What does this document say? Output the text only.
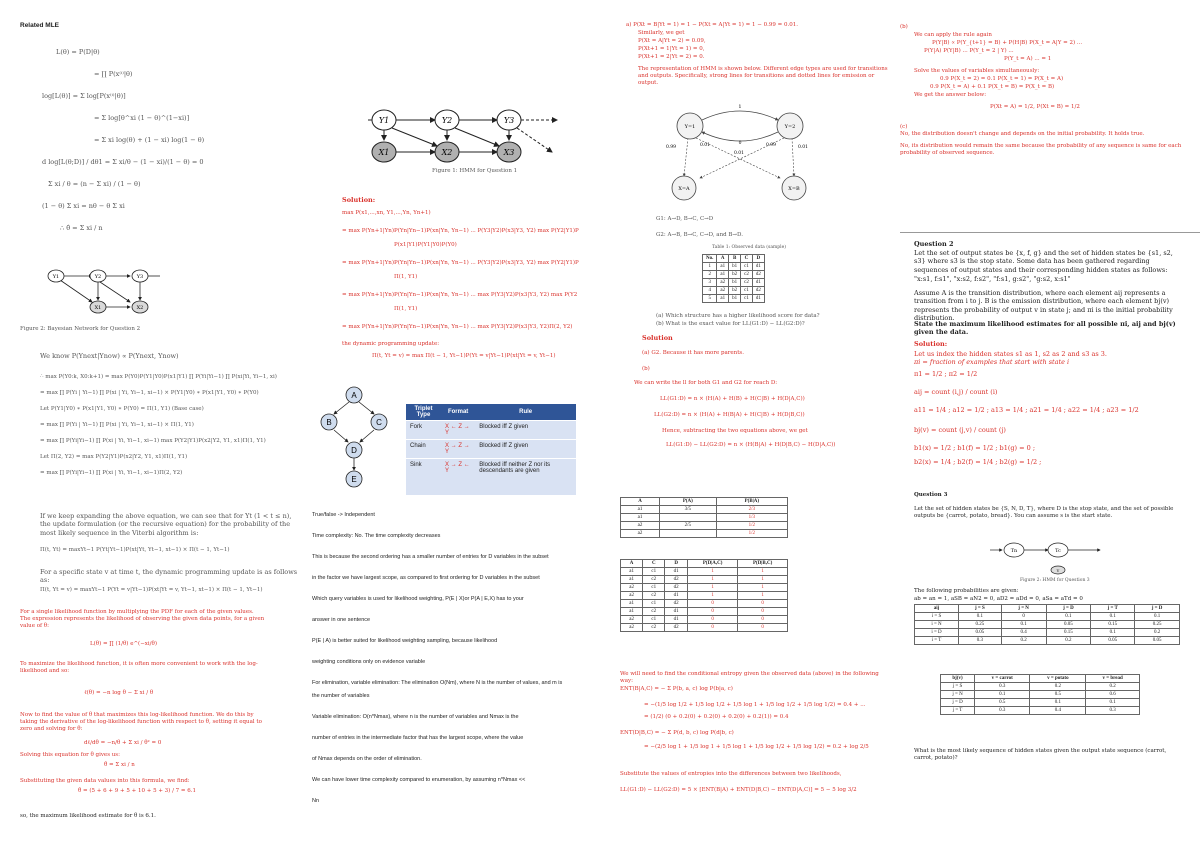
Related MLE
L(θ) = P(D|θ)
= ∏ P(x⁽ⁱ⁾|θ)
log[L(θ)] = Σ log[P(x⁽ⁱ⁾|θ)]
= Σ log[θ^xi (1 − θ)^(1−xi)]
= Σ xi log(θ) + (1 − xi) log(1 − θ)
d log[L(θ;D)] / dθ1 = Σ xi/θ − (1 − xi)/(1 − θ) = 0
Σ xi / θ = (n − Σ xi) / (1 − θ)
(1 − θ) Σ xi = nθ − θ Σ xi
∴ θ̂ = Σ xi / n
Y1	Y2	Y3
X1	X2
Figure 2: Bayesian Network for Question 2
We know P(Ynext|Ynow) ∝ P(Ynext, Ynow)
∴ max P(Y0:k, X0:k+1) = max P(Y0)P(Y1|Y0)P(x1|Y1) ∏ P(Yi|Yi−1) ∏ P(xi|Yi, Yi−1, xi)
= max ∏ P(Yi | Yi−1) ∏ P(xi | Yi, Yi−1, xi−1) × P(Y1|Y0) ∗ P(x1|Y1, Y0) ∗ P(Y0)
Let P(Y1|Y0) ∗ P(x1|Y1, Y0) ∗ P(Y0) = Π(1, Y1) (Base case)
= max ∏ P(Yi | Yi−1) ∏ P(xi | Yi, Yi−1, xi−1) × Π(1, Y1)
= max ∏ P(Yi|Yi−1) ∏ P(xi | Yi, Yi−1, xi−1) max P(Y2|Y1)P(x2|Y2, Y1, x1)Π(1, Y1)
Let Π(2, Y2) = max P(Y2|Y1)P(x2|Y2, Y1, x1)Π(1, Y1)
= max ∏ P(Yi|Yi−1) ∏ P(xi | Yi, Yi−1, xi−1)Π(2, Y2)
If we keep expanding the above equation, we can see that for Yt (1 < t ≤ n), the update formulation (or the recursive equation) for the probability of the most likely sequence in the Viterbi algorithm is:
Π(t, Yt) = maxYt−1 P(Yt|Yt−1)P(xt|Yt, Yt−1, xt−1) × Π(t − 1, Yt−1)
For a specific state v at time t, the dynamic programming update is as follows as:
Π(t, Yt = v) = maxYt−1 P(Yt = v|Yt−1)P(xt|Yt = v, Yt−1, xt−1) × Π(t − 1, Yt−1)
For a single likelihood function by multiplying the PDF for each of the given values. The expression represents the likelihood of observing the given data points, for a given value of θ:
L(θ) = ∏ (1/θ) e^(−xi/θ)
To maximize the likelihood function, it is often more convenient to work with the log-likelihood and so:
ℓ(θ) = −n log θ − Σ xi / θ
Now to find the value of θ that maximizes this log-likelihood function. We do this by taking the derivative of the log-likelihood function with respect to θ, setting it equal to zero and solving for θ:
dℓ/dθ = −n/θ + Σ xi / θ² = 0
Solving this equation for θ gives us:
θ̂ = Σ xi / n
Substituting the given data values into this formula, we find:
θ̂ = (5 + 6 + 9 + 5 + 10 + 5 + 3) / 7 = 6.1
so, the maximum likelihood estimate for θ is 6.1.
Y1	Y2	Y3
X1	X2	X3
Figure 1: HMM for Question 1
Solution:
max P(x1,...,xn, Y1,...,Yn, Yn+1)
= max P(Yn+1|Yn)P(Yn|Yn−1)P(xn|Yn, Yn−1) ... P(Y3|Y2)P(x3|Y3, Y2) max P(Y2|Y1)P
P(x1|Y1)P(Y1|Y0)P(Y0)
= max P(Yn+1|Yn)P(Yn|Yn−1)P(xn|Yn, Yn−1) ... P(Y3|Y2)P(x3|Y3, Y2) max P(Y2|Y1)P
Π(1, Y1)
= max P(Yn+1|Yn)P(Yn|Yn−1)P(xn|Yn, Yn−1) ... max P(Y3|Y2)P(x3|Y3, Y2) max P(Y2
Π(1, Y1)
= max P(Yn+1|Yn)P(Yn|Yn−1)P(xn|Yn, Yn−1) ... max P(Y3|Y2)P(x3|Y3, Y2)Π(2, Y2)
the dynamic programming update:
Π(t, Yt = v) = max Π(t − 1, Yt−1)P(Yt = v|Yt−1)P(xt|Yt = v, Yt−1)
A
B	C
D
E
Triplet Type	Format	Rule
Fork	X ← Z → Y	Blocked iff Z given
Chain	X → Z → Y	Blocked iff Z given
Sink	X → Z ← Y	Blocked iff neither Z nor its descendants are given
True/false -> Independent
Time complexity: No. The time complexity decreases
This is because the second ordering has a smaller number of entries for D variables in the subset
in the factor we have largest scope, as compared to first ordering for D variables in the subset
Which query variables is used for likelihood weighting, P(E | X)or P(A | E,X) has to your
answer in one sentence
P(E | A) is better suited for likelihood weighting sampling, because likelihood
weighting conditions only on evidence variable
For elimination, variable elimination: The elimination O(Nm), where N is the number of values, and m is
the number of variables
Variable elimination: O(n*Nmax), where n is the number of variables and Nmax is the
number of entries in the intermediate factor that has the largest scope, where the value
of Nmax depends on the order of elimination.
We can have lower time complexity compared to enumeration, by assuming n*Nmax <<
Nn
a) P(Xt = B|Yt = 1) = 1 − P(Xt = A|Yt = 1) = 1 − 0.99 = 0.01.
Similarly, we get
P(Xt = A|Yt = 2) = 0.09,
P(Xt+1 = 1|Yt = 1) = 0,
P(Xt+1 = 2|Yt = 2) = 0.
The representation of HMM is shown below. Different edge types are used for transitions and outputs. Specifically, strong lines for transitions and dotted lines for emission or output.
Y=1	Y=2
X=A	X=B
1
0.99	0.01	0.01
0.99
0.01
0
G1: A→D, B→C, C→D
G2: A→B, B→C, C→D, and B→D.
Table 1: Observed data (sample)
No.	A	B	C	D
1	a1	b1	c1	d1
2	a1	b2	c2	d2
3	a2	b1	c2	d1
4	a2	b2	c1	d2
5	a1	b1	c1	d1
(a) Which structure has a higher likelihood score for data?
(b) What is the exact value for LL(G1:D) − LL(G2:D)?
Solution
(a) G2. Because it has more parents.
(b)
We can write the ll for both G1 and G2 for reach D:
LL(G1:D) = n × (H(A) + H(B) + H(C|B) + H(D|A,C))
LL(G2:D) = n × (H(A) + H(B|A) + H(C|B) + H(D|B,C))
Hence, subtracting the two equations above, we get
LL(G1:D) − LL(G2:D) = n × (H(B|A) + H(D|B,C) − H(D|A,C))
A	P(A)	P(B|A)
a1	3/5	2/3
a1		1/3
a2	2/5	1/2
a2		1/2
A	C	D	P(D|A,C)	P(D|B,C)
a1	c1	d1	1	1
a1	c2	d2	1	1
a2	c1	d2	1	1
a2	c2	d1	1	1
a1	c1	d2	0	0
a1	c2	d1	0	0
a2	c1	d1	0	0
a2	c2	d2	0	0
We will need to find the conditional entropy given the observed data (above) in the following way:
ENT(B|A,C) = − Σ P(b, a, c) log P(b|a, c)
= −(1/5 log 1/2 + 1/5 log 1/2 + 1/5 log 1 + 1/5 log 1/2 + 1/5 log 1/2) = 0.4 + ...
= (1/2) (0 + 0.2(0) + 0.2(0) + 0.2(0) + 0.2(1)) = 0.4
ENT(D|B,C) = − Σ P(d, b, c) log P(d|b, c)
= −(2/5 log 1 + 1/5 log 1 + 1/5 log 1 + 1/5 log 1/2 + 1/5 log 1/2) = 0.2 + log 2/5
Substitute the values of entropies into the differences between two likelihoods,
LL(G1:D) − LL(G2:D) = 5 × [ENT(B|A) + ENT(D|B,C) − ENT(D|A,C)] = 5 − 5 log 3/2
(b)
We can apply the rule again
P(Y|B) ∝ P(Y_{t+1} = B) + P(H|B) P(X_t = A|Y = 2) ...
P(Y|A) P(Y|B) ... P(Y_t = 2 | Y) ...
P(Y_t = A) ... = 1
Solve the values of variables simultaneously:
0.9 P(X_t = 2) = 0.1 P(X_t = 1) = P(X_t = A)
0.9 P(X_t = A) + 0.1 P(X_t = B) = P(X_t = B)
We get the answer below:
P(Xt = A) = 1/2, P(Xt = B) = 1/2
(c)
No, the distribution doesn't change and depends on the initial probability. It holds true.
No, its distribution would remain the same because the probability of any sequence is same for each
probability of observed sequence.
Question 2
Let the set of output states be {x, f, g} and the set of hidden states be {s1, s2, s3} where s3 is the stop state. Some data has been gathered regarding sequences of output states and their corresponding hidden states as follows:
"x:s1, f:s1", "x:s2, f:s2", "f:s1, g:s2", "g:s2, x:s1"
Assume A is the transition distribution, where each element aij represents a transition from i to j. B is the emission distribution, where each element bj(v) represents the probability of output v in state j; and πi is the initial probability distribution.
State the maximum likelihood estimates for all possible πi, aij and bj(v) given the data.
Solution:
Let us index the hidden states s1 as 1, s2 as 2 and s3 as 3.
πi = fraction of examples that start with state i
π1 = 1/2 ; π2 = 1/2
aij = count (i,j) / count (i)
a11 = 1/4 ; a12 = 1/2 ; a13 = 1/4 ; a21 = 1/4 ; a22 = 1/4 ; a23 = 1/2
bj(v) = count (j,v) / count (j)
b1(x) = 1/2 ; b1(f) = 1/2 ; b1(g) = 0 ;
b2(x) = 1/4 ; b2(f) = 1/4 ; b2(g) = 1/2 ;
Question 3
Let the set of hidden states be {S, N, D, T}, where D is the stop state, and the set of possible outputs be {carrot, potato, bread}. You can assume s is the start state.
Tn	Tc
Y
Figure 2: HMM for Question 3
The following probabilities are given:
ab = an = 1, aSB = aN2 = 0, aD2 = aDd = 0, aSa = aTd = 0
aij	j = S	j = N	j = D	j = T	j = D
i = S	0.1	0	0.1	0.1	0.1
i = N	0.25	0.1	0.05	0.15	0.25
i = D	0.05	0.4	0.15	0.1	0.2
i = T	0.3	0.2	0.2	0.05	0.05
bj(v)	v = carrot	v = potato	v = bread
j = S	0.3	0.2	0.2
j = N	0.1	0.5	0.6
j = D	0.5	0.1	0.1
j = T	0.3	0.4	0.3
What is the most likely sequence of hidden states given the output state sequence (carrot, carrot, potato)?
